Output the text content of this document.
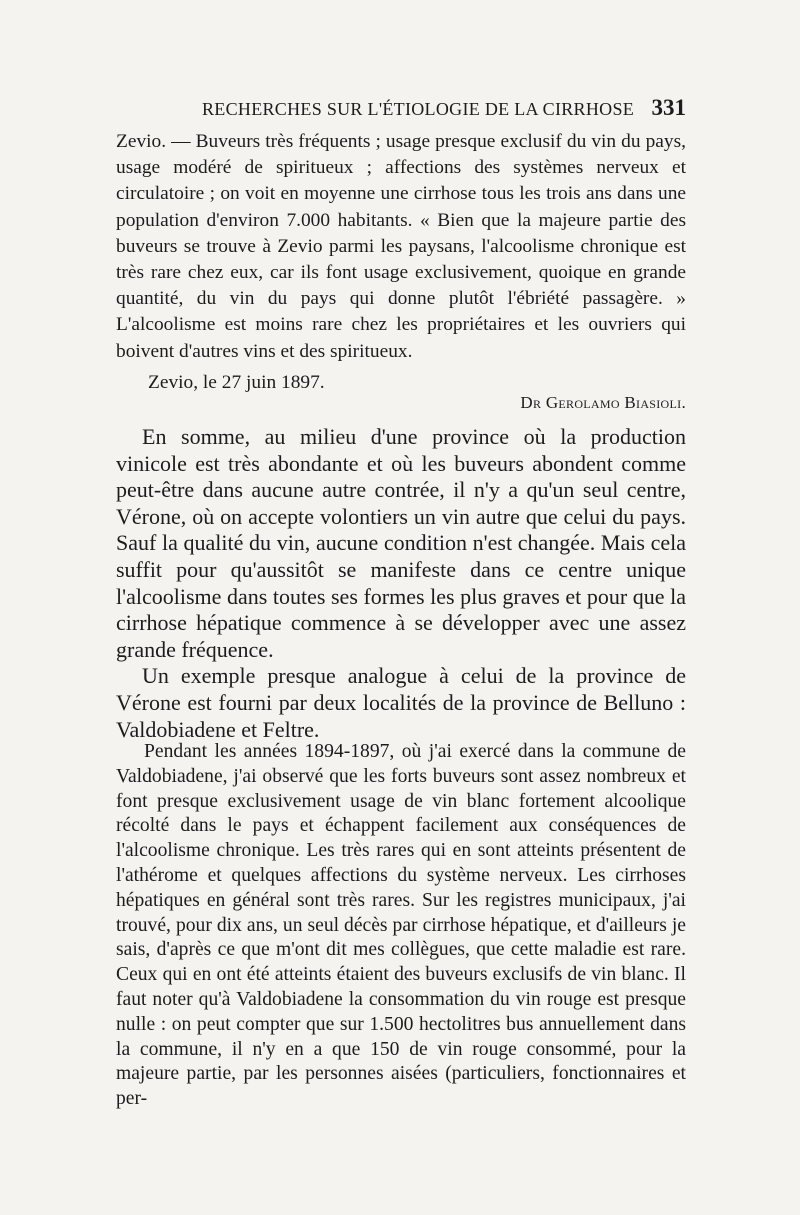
RECHERCHES SUR L'ÉTIOLOGIE DE LA CIRRHOSE 331

Zevio. — Buveurs très fréquents ; usage presque exclusif du vin du pays, usage modéré de spiritueux ; affections des systèmes nerveux et circulatoire ; on voit en moyenne une cirrhose tous les trois ans dans une population d'environ 7.000 habitants. « Bien que la majeure partie des buveurs se trouve à Zevio parmi les paysans, l'alcoolisme chronique est très rare chez eux, car ils font usage exclusivement, quoique en grande quantité, du vin du pays qui donne plutôt l'ébriété passagère. » L'alcoolisme est moins rare chez les propriétaires et les ouvriers qui boivent d'autres vins et des spiritueux.

Zevio, le 27 juin 1897.
Dr Gerolamo Biasioli.

En somme, au milieu d'une province où la production vinicole est très abondante et où les buveurs abondent comme peut-être dans aucune autre contrée, il n'y a qu'un seul centre, Vérone, où on accepte volontiers un vin autre que celui du pays. Sauf la qualité du vin, aucune condition n'est changée. Mais cela suffit pour qu'aussitôt se manifeste dans ce centre unique l'alcoolisme dans toutes ses formes les plus graves et pour que la cirrhose hépatique commence à se développer avec une assez grande fréquence.

Un exemple presque analogue à celui de la province de Vérone est fourni par deux localités de la province de Belluno : Valdobiadene et Feltre.

Pendant les années 1894-1897, où j'ai exercé dans la commune de Valdobiadene, j'ai observé que les forts buveurs sont assez nombreux et font presque exclusivement usage de vin blanc fortement alcoolique récolté dans le pays et échappent facilement aux conséquences de l'alcoolisme chronique. Les très rares qui en sont atteints présentent de l'athérome et quelques affections du système nerveux. Les cirrhoses hépatiques en général sont très rares. Sur les registres municipaux, j'ai trouvé, pour dix ans, un seul décès par cirrhose hépatique, et d'ailleurs je sais, d'après ce que m'ont dit mes collègues, que cette maladie est rare. Ceux qui en ont été atteints étaient des buveurs exclusifs de vin blanc. Il faut noter qu'à Valdobiadene la consommation du vin rouge est presque nulle : on peut compter que sur 1.500 hectolitres bus annuellement dans la commune, il n'y en a que 150 de vin rouge consommé, pour la majeure partie, par les personnes aisées (particuliers, fonctionnaires et per-
